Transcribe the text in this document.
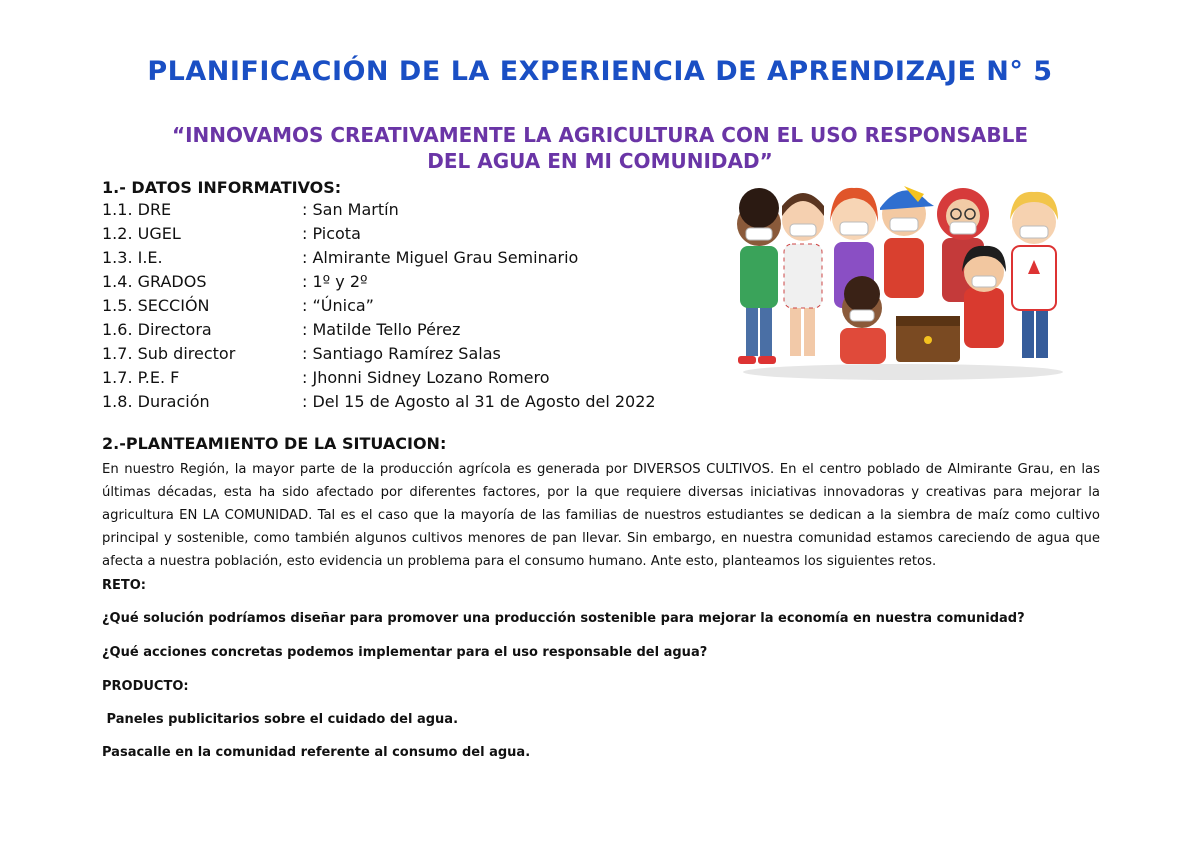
PLANIFICACIÓN DE LA EXPERIENCIA DE APRENDIZAJE N° 5
“INNOVAMOS CREATIVAMENTE LA AGRICULTURA CON EL USO RESPONSABLE
DEL AGUA EN MI COMUNIDAD”

1.- DATOS INFORMATIVOS:

1.1. DRE	: San Martín
1.2. UGEL	: Picota
1.3. I.E.	: Almirante Miguel Grau Seminario
1.4. GRADOS	: 1º y 2º
1.5. SECCIÓN	: “Única”
1.6. Directora	: Matilde Tello Pérez
1.7. Sub director	: Santiago Ramírez Salas
1.7. P.E. F	: Jhonni Sidney Lozano Romero
1.8. Duración	: Del 15 de Agosto al 31 de Agosto del 2022

2.-PLANTEAMIENTO DE LA SITUACION:

En nuestro Región, la mayor parte de la producción agrícola es generada por DIVERSOS CULTIVOS. En el centro poblado de Almirante Grau, en las últimas décadas, esta ha sido afectado por diferentes factores, por la que requiere diversas iniciativas innovadoras y creativas para mejorar la agricultura EN LA COMUNIDAD. Tal es el caso que la mayoría de las familias de nuestros estudiantes se dedican a la siembra de maíz como cultivo principal y sostenible, como también algunos cultivos menores de pan llevar. Sin embargo, en nuestra comunidad estamos careciendo de agua que afecta a nuestra población, esto evidencia un problema para el consumo humano. Ante esto, planteamos los siguientes retos.

RETO:

¿Qué solución podríamos diseñar para promover una producción sostenible para mejorar la economía en nuestra comunidad?

¿Qué acciones concretas podemos implementar para el uso responsable del agua?

PRODUCTO:

Paneles publicitarios sobre el cuidado del agua.

Pasacalle en la comunidad referente al consumo del agua.
